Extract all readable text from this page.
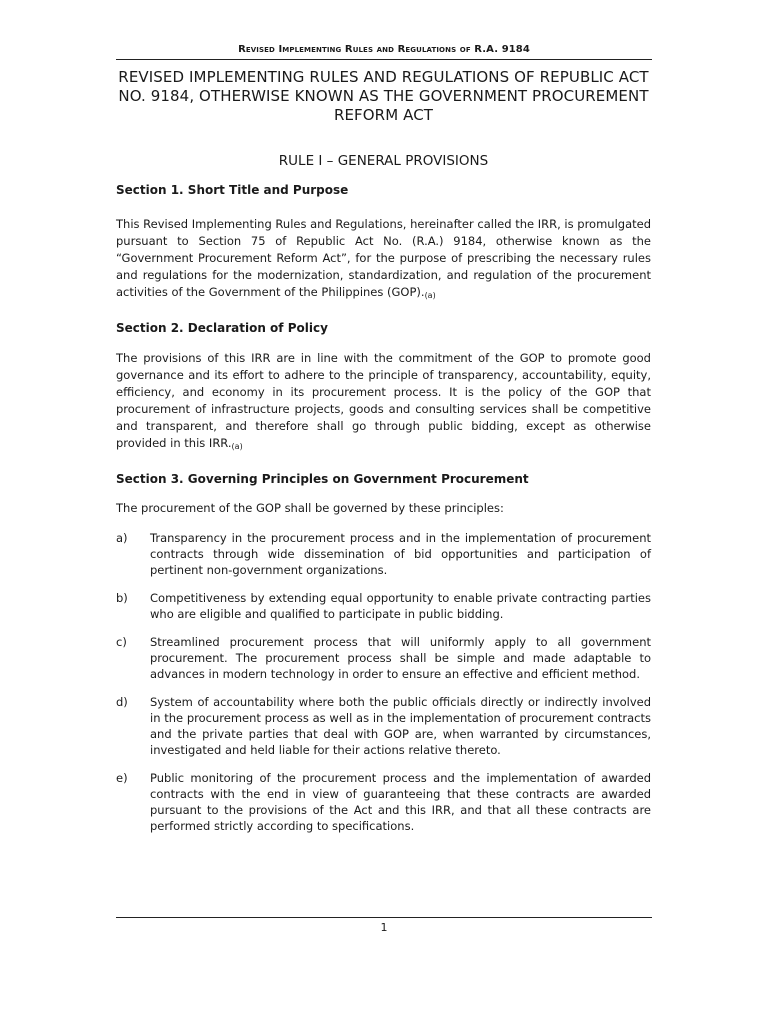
Revised Implementing Rules and Regulations of R.A. 9184
REVISED IMPLEMENTING RULES AND REGULATIONS OF REPUBLIC ACT NO. 9184, OTHERWISE KNOWN AS THE GOVERNMENT PROCUREMENT REFORM ACT
RULE I – GENERAL PROVISIONS
Section 1. Short Title and Purpose

This Revised Implementing Rules and Regulations, hereinafter called the IRR, is promulgated pursuant to Section 75 of Republic Act No. (R.A.) 9184, otherwise known as the “Government Procurement Reform Act”, for the purpose of prescribing the necessary rules and regulations for the modernization, standardization, and regulation of the procurement activities of the Government of the Philippines $(GOP)._{(a)}$

Section 2. Declaration of Policy

The provisions of this IRR are in line with the commitment of the GOP to promote good governance and its effort to adhere to the principle of transparency, accountability, equity, efficiency, and economy in its procurement process. It is the policy of the GOP that procurement of infrastructure projects, goods and consulting services shall be competitive and transparent, and therefore shall go through public bidding, except as otherwise provided in this $IRR._{(a)}$

Section 3. Governing Principles on Government Procurement

The procurement of the GOP shall be governed by these principles:

a)	Transparency in the procurement process and in the implementation of procurement contracts through wide dissemination of bid opportunities and participation of pertinent non-government organizations.

b)	Competitiveness by extending equal opportunity to enable private contracting parties who are eligible and qualified to participate in public bidding.

c)	Streamlined procurement process that will uniformly apply to all government procurement. The procurement process shall be simple and made adaptable to advances in modern technology in order to ensure an effective and efficient method.

d)	System of accountability where both the public officials directly or indirectly involved in the procurement process as well as in the implementation of procurement contracts and the private parties that deal with GOP are, when warranted by circumstances, investigated and held liable for their actions relative thereto.

e)	Public monitoring of the procurement process and the implementation of awarded contracts with the end in view of guaranteeing that these contracts are awarded pursuant to the provisions of the Act and this IRR, and that all these contracts are performed strictly according to specifications.

1
